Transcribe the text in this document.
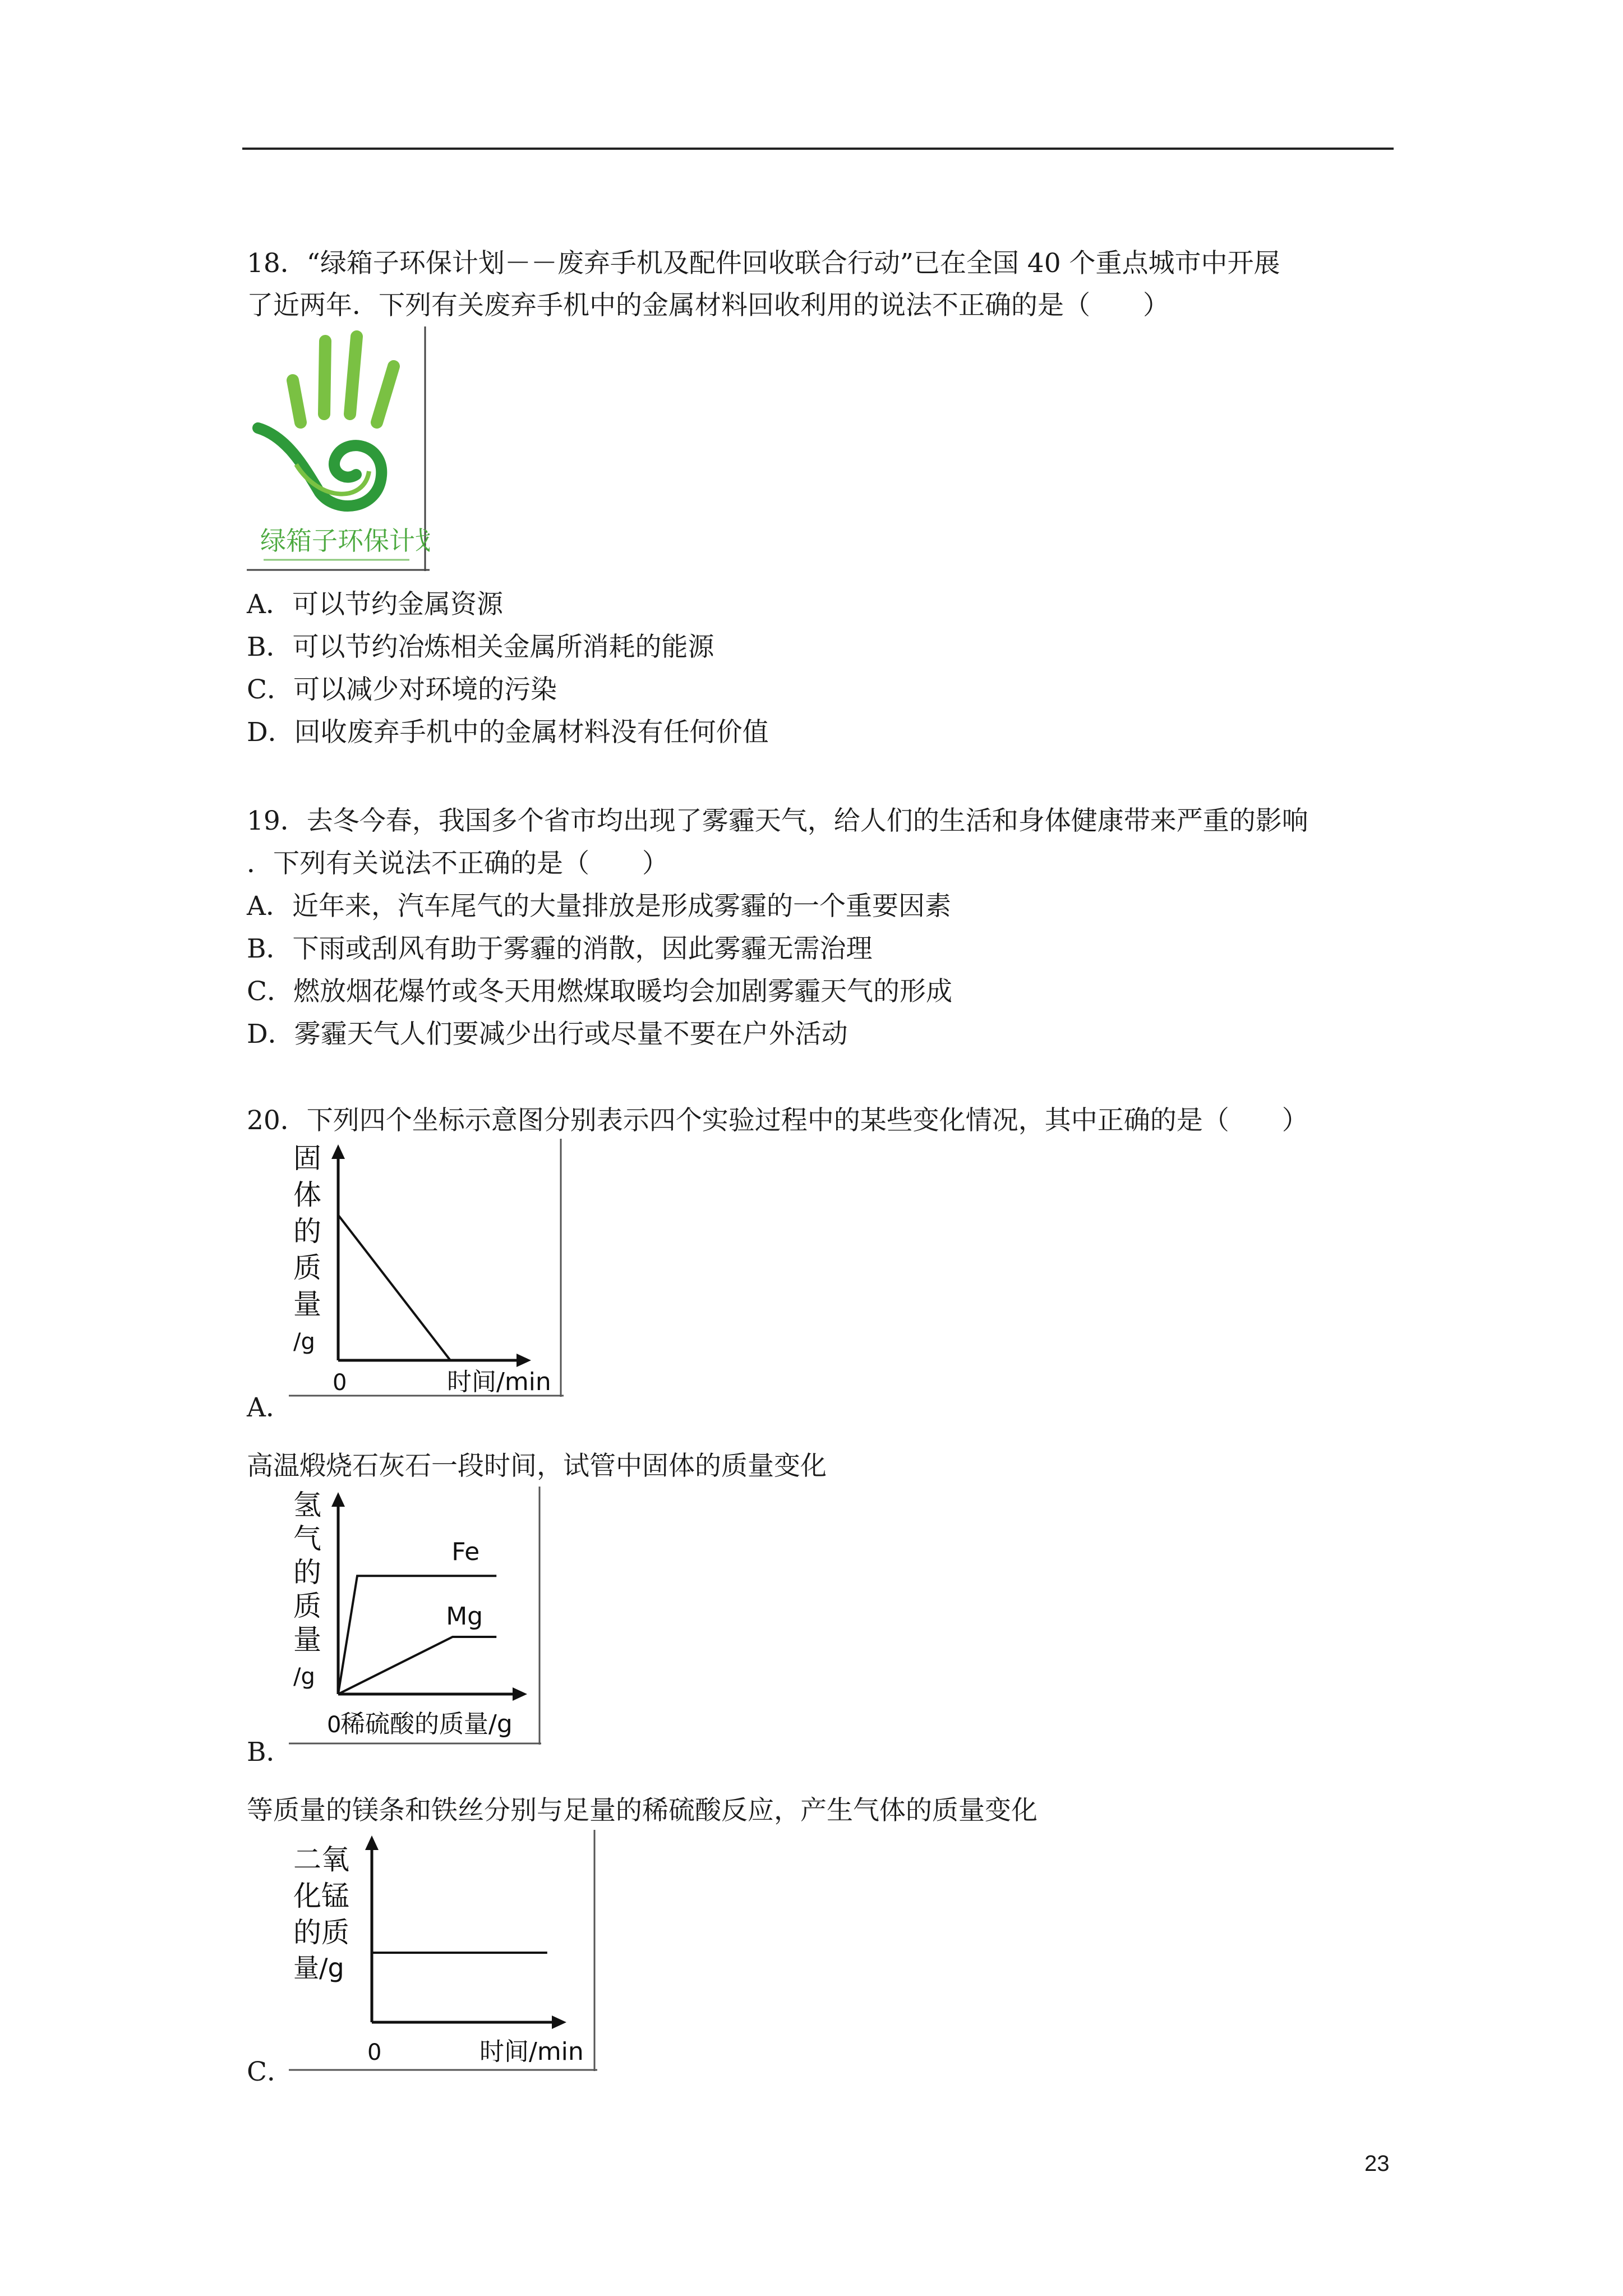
18．“绿箱子环保计划－－废弃手机及配件回收联合行动”已在全国 40 个重点城市中开展
了近两年．下列有关废弃手机中的金属材料回收利用的说法不正确的是（　　）
绿箱子环保计划
A．可以节约金属资源
B．可以节约冶炼相关金属所消耗的能源
C．可以减少对环境的污染
D．回收废弃手机中的金属材料没有任何价值
19．去冬今春，我国多个省市均出现了雾霾天气，给人们的生活和身体健康带来严重的影响
．下列有关说法不正确的是（　　）
A．近年来，汽车尾气的大量排放是形成雾霾的一个重要因素
B．下雨或刮风有助于雾霾的消散，因此雾霾无需治理
C．燃放烟花爆竹或冬天用燃煤取暖均会加剧雾霾天气的形成
D．雾霾天气人们要减少出行或尽量不要在户外活动
20．下列四个坐标示意图分别表示四个实验过程中的某些变化情况，其中正确的是（　　）
固
体
的
质
量
/g
0	时间/min
A．
高温煅烧石灰石一段时间，试管中固体的质量变化
氢
气
的
质
量
/g
0
稀硫酸的质量/g
Fe
Mg
B．
等质量的镁条和铁丝分别与足量的稀硫酸反应，产生气体的质量变化
二氧
化锰
的质
量/g
0	时间/min
C．
23
